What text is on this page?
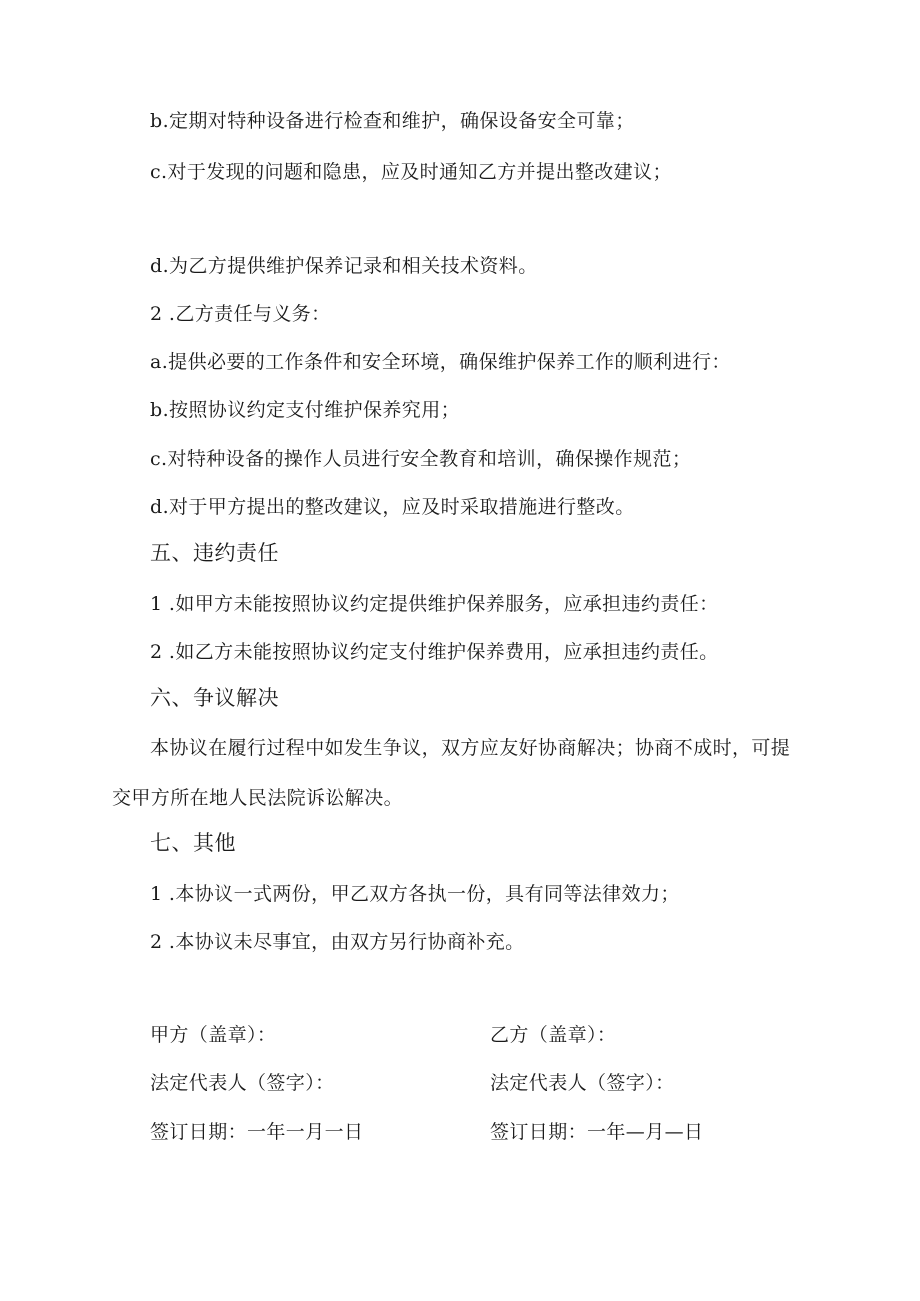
b.定期对特种设备进行检查和维护，确保设备安全可靠；
c.对于发现的问题和隐患，应及时通知乙方并提出整改建议；
d.为乙方提供维护保养记录和相关技术资料。
2 .乙方责任与义务：
a.提供必要的工作条件和安全环境，确保维护保养工作的顺利进行：
b.按照协议约定支付维护保养究用；
c.对特种设备的操作人员进行安全教育和培训，确保操作规范；
d.对于甲方提出的整改建议，应及时采取措施进行整改。
五、违约责任
1 .如甲方未能按照协议约定提供维护保养服务，应承担违约责任：
2 .如乙方未能按照协议约定支付维护保养费用，应承担违约责任。
六、争议解决
本协议在履行过程中如发生争议，双方应友好协商解决；协商不成时，可提交甲方所在地人民法院诉讼解决。
七、其他
1 .本协议一式两份，甲乙双方各执一份，具有同等法律效力；
2 .本协议未尽事宜，由双方另行协商补充。
甲方（盖章）：	乙方（盖章）：
法定代表人（签字）：	法定代表人（签字）：
签订日期：一年一月一日	签订日期：一年—月—日
